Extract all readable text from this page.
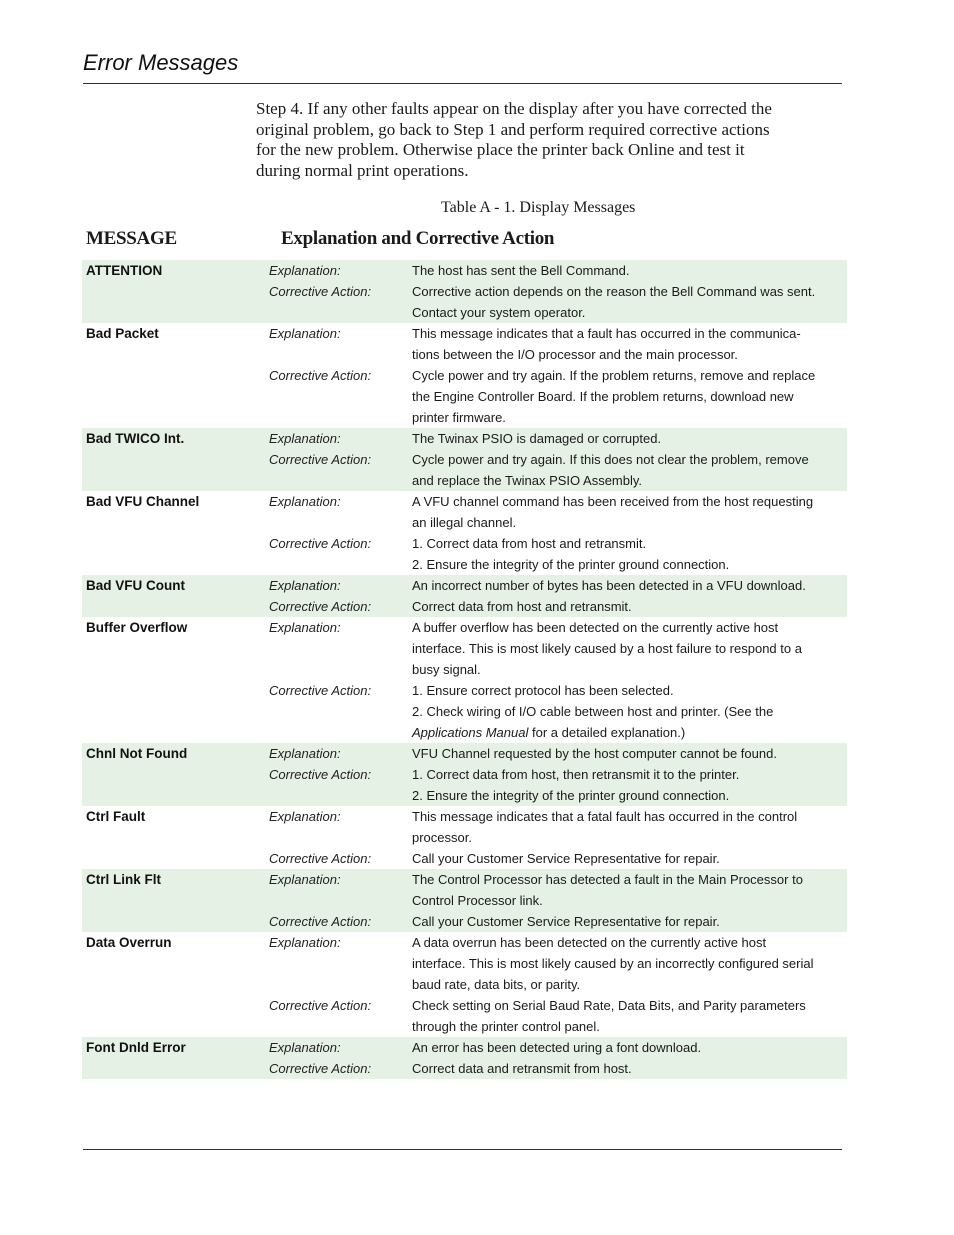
Error Messages
Step 4. If any other faults appear on the display after you have corrected the
original problem, go back to Step 1 and perform required corrective actions
for the new problem. Otherwise place the printer back Online and test it
during normal print operations.
Table A - 1. Display Messages
MESSAGE	Explanation and Corrective Action
ATTENTION	Explanation:	The host has sent the Bell Command.
Corrective Action:	Corrective action depends on the reason the Bell Command was sent.
Contact your system operator.
Bad Packet	Explanation:	This message indicates that a fault has occurred in the communica-
tions between the I/O processor and the main processor.
Corrective Action:	Cycle power and try again. If the problem returns, remove and replace
the Engine Controller Board. If the problem returns, download new
printer firmware.
Bad TWICO Int.	Explanation:	The Twinax PSIO is damaged or corrupted.
Corrective Action:	Cycle power and try again. If this does not clear the problem, remove
and replace the Twinax PSIO Assembly.
Bad VFU Channel	Explanation:	A VFU channel command has been received from the host requesting
an illegal channel.
Corrective Action:	1. Correct data from host and retransmit.
2. Ensure the integrity of the printer ground connection.
Bad VFU Count	Explanation:	An incorrect number of bytes has been detected in a VFU download.
Corrective Action:	Correct data from host and retransmit.
Buffer Overflow	Explanation:	A buffer overflow has been detected on the currently active host
interface. This is most likely caused by a host failure to respond to a
busy signal.
Corrective Action:	1. Ensure correct protocol has been selected.
2. Check wiring of I/O cable between host and printer. (See the
Applications Manual for a detailed explanation.)
Chnl Not Found	Explanation:	VFU Channel requested by the host computer cannot be found.
Corrective Action:	1. Correct data from host, then retransmit it to the printer.
2. Ensure the integrity of the printer ground connection.
Ctrl Fault	Explanation:	This message indicates that a fatal fault has occurred in the control
processor.
Corrective Action:	Call your Customer Service Representative for repair.
Ctrl Link Flt	Explanation:	The Control Processor has detected a fault in the Main Processor to
Control Processor link.
Corrective Action:	Call your Customer Service Representative for repair.
Data Overrun	Explanation:	A data overrun has been detected on the currently active host
interface. This is most likely caused by an incorrectly configured serial
baud rate, data bits, or parity.
Corrective Action:	Check setting on Serial Baud Rate, Data Bits, and Parity parameters
through the printer control panel.
Font Dnld Error	Explanation:	An error has been detected uring a font download.
Corrective Action:	Correct data and retransmit from host.
